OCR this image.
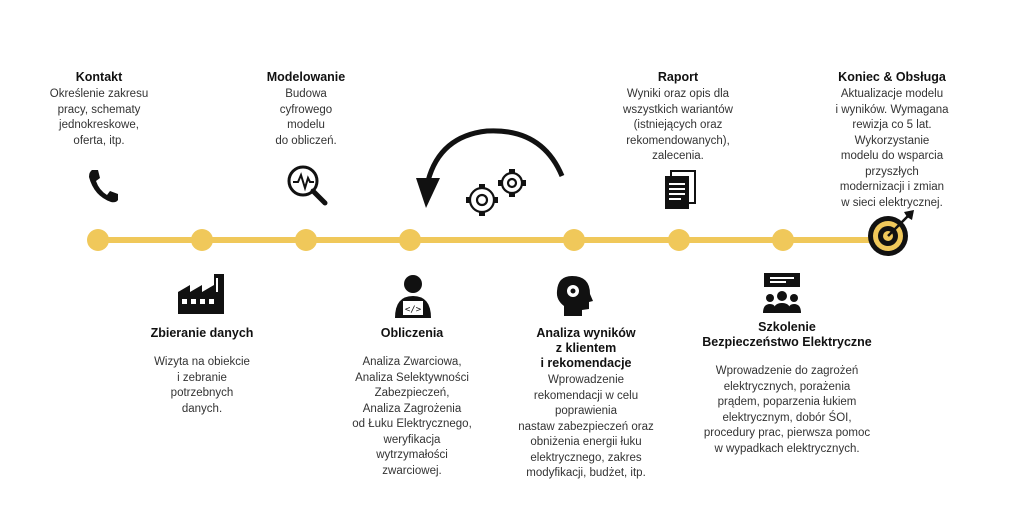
Kontakt
Określenie zakresu
pracy, schematy
jednokreskowe,
oferta, itp.
Modelowanie
Budowa
cyfrowego
modelu
do obliczeń.
Raport
Wyniki oraz opis dla
wszystkich wariantów
(istniejących oraz
rekomendowanych),
zalecenia.
Koniec & Obsługa
Aktualizacje modelu
i wyników. Wymagana
rewizja co 5 lat.
Wykorzystanie
modelu do wsparcia
przyszłych
modernizacji i zmian
w sieci elektrycznej.
Zbieranie danych
Wizyta na obiekcie
i zebranie
potrzebnych
danych.
</>
Obliczenia
Analiza Zwarciowa,
Analiza Selektywności
Zabezpieczeń,
Analiza Zagrożenia
od Łuku Elektrycznego,
weryfikacja
wytrzymałości
zwarciowej.
Analiza wyników
z klientem
i rekomendacje
Wprowadzenie
rekomendacji w celu
poprawienia
nastaw zabezpieczeń oraz
obniżenia energii łuku
elektrycznego, zakres
modyfikacji, budżet, itp.
Szkolenie
Bezpieczeństwo Elektryczne
Wprowadzenie do zagrożeń
elektrycznych, porażenia
prądem, poparzenia łukiem
elektrycznym, dobór ŚOI,
procedury prac, pierwsza pomoc
w wypadkach elektrycznych.
